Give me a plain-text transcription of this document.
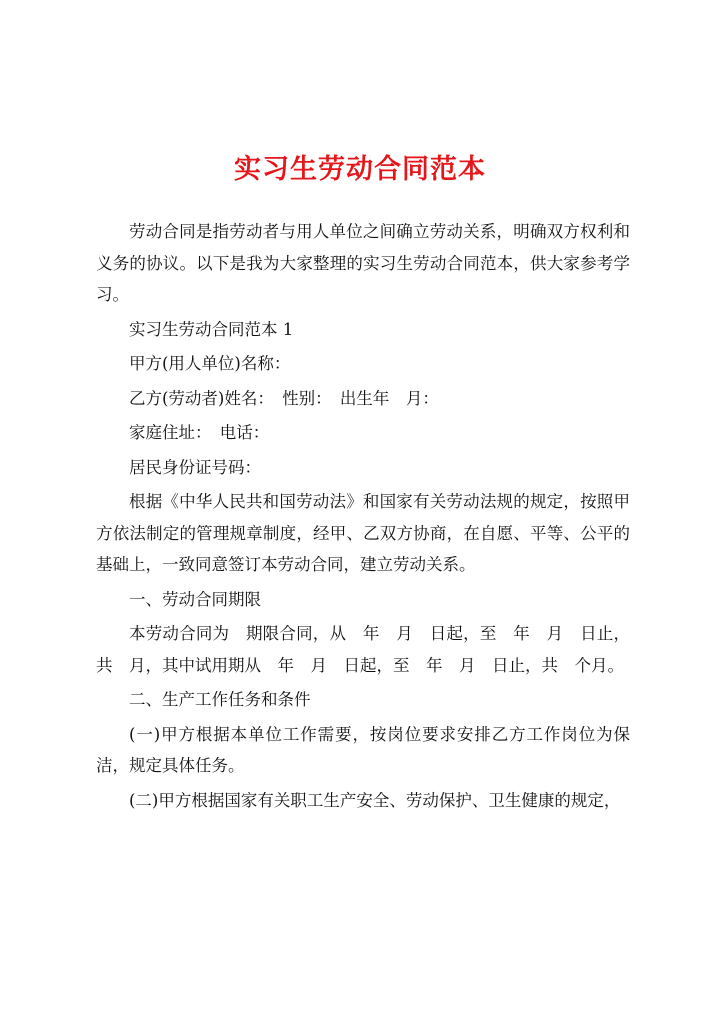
实习生劳动合同范本

劳动合同是指劳动者与用人单位之间确立劳动关系，明确双方权利和义务的协议。以下是我为大家整理的实习生劳动合同范本，供大家参考学习。

实习生劳动合同范本 1

甲方(用人单位)名称：

乙方(劳动者)姓名：　性别：　出生年　月：

家庭住址：　电话：

居民身份证号码：

根据《中华人民共和国劳动法》和国家有关劳动法规的规定，按照甲方依法制定的管理规章制度，经甲、乙双方协商，在自愿、平等、公平的基础上，一致同意签订本劳动合同，建立劳动关系。

一、劳动合同期限

本劳动合同为　期限合同，从　年　月　日起，至　年　月　日止，共　月，其中试用期从　年　月　日起，至　年　月　日止，共　个月。

二、生产工作任务和条件

(一)甲方根据本单位工作需要，按岗位要求安排乙方工作岗位为保洁，规定具体任务。

(二)甲方根据国家有关职工生产安全、劳动保护、卫生健康的规定，
